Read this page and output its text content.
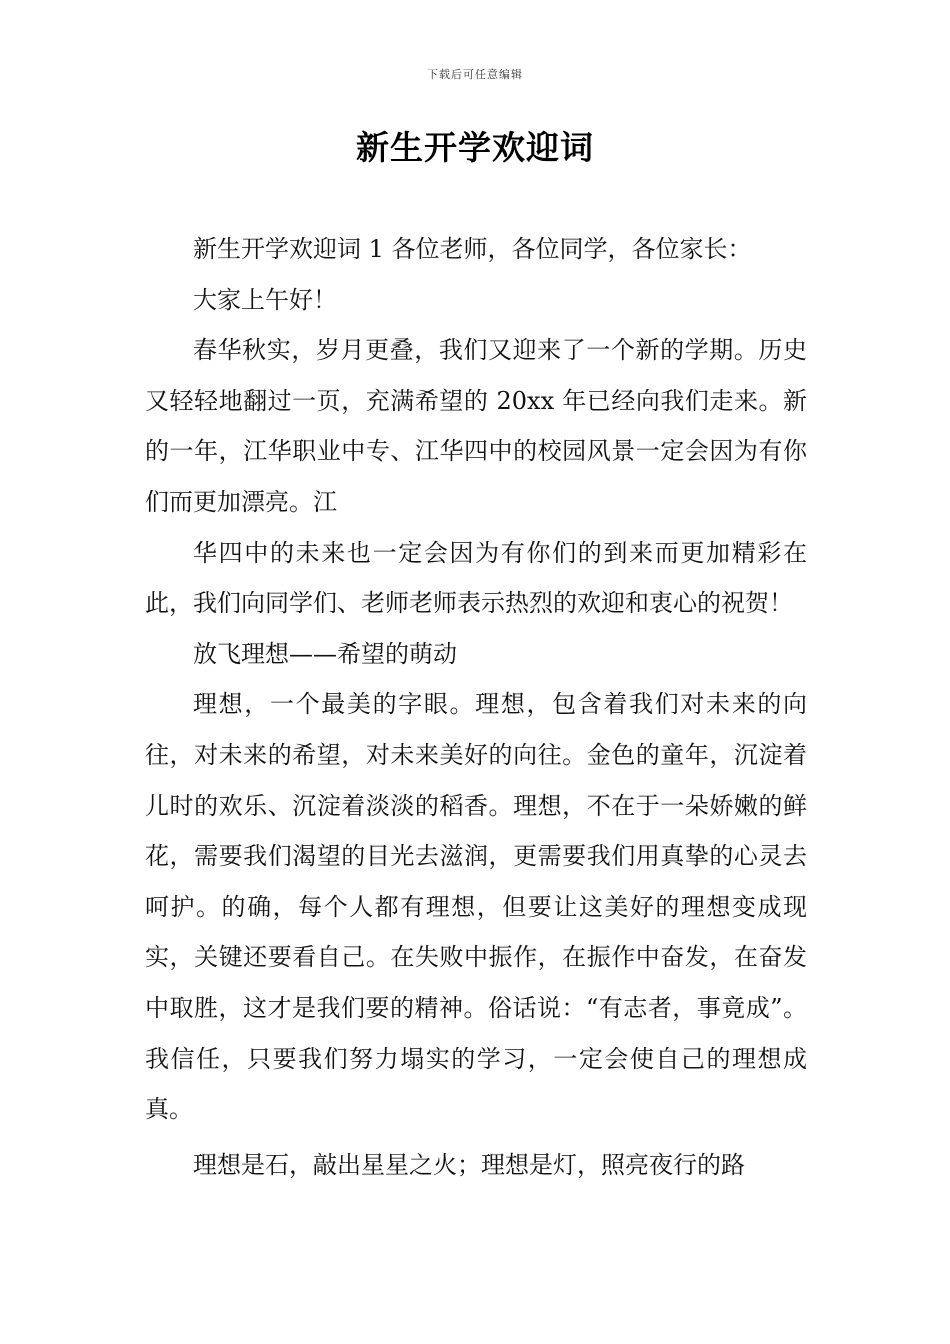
下载后可任意编辑
新生开学欢迎词

新生开学欢迎词 1 各位老师，各位同学，各位家长：

大家上午好！

春华秋实，岁月更叠，我们又迎来了一个新的学期。历史又轻轻地翻过一页，充满希望的 20xx 年已经向我们走来。新的一年，江华职业中专、江华四中的校园风景一定会因为有你们而更加漂亮。江

华四中的未来也一定会因为有你们的到来而更加精彩在此，我们向同学们、老师老师表示热烈的欢迎和衷心的祝贺！

放飞理想——希望的萌动

理想，一个最美的字眼。理想，包含着我们对未来的向往，对未来的希望，对未来美好的向往。金色的童年，沉淀着儿时的欢乐、沉淀着淡淡的稻香。理想，不在于一朵娇嫩的鲜花，需要我们渴望的目光去滋润，更需要我们用真挚的心灵去呵护。的确，每个人都有理想，但要让这美好的理想变成现实，关键还要看自己。在失败中振作，在振作中奋发，在奋发中取胜，这才是我们要的精神。俗话说：“有志者，事竟成”。我信任，只要我们努力塌实的学习，一定会使自己的理想成真。

理想是石，敲出星星之火；理想是灯，照亮夜行的路
